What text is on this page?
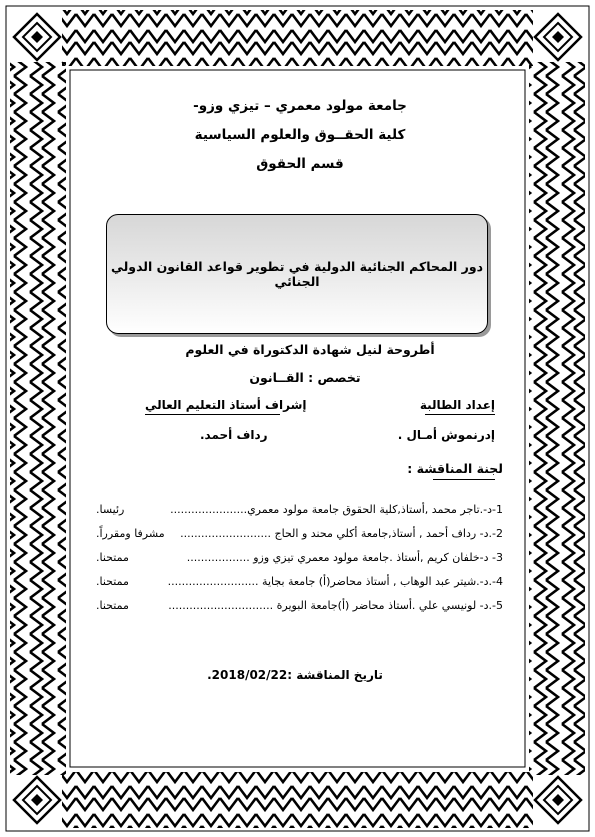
جامعة مولود معمري – تيزي وزو-
كلية الحقــوق والعلوم السياسية
قسم الحقوق
دور المحاكم الجنائية الدولية في تطوير قواعد القانون الدولي الجنائي
أطروحة لنيل شهادة الدكتوراة في العلوم
تخصص : القــانون
إعداد الطالبة
إشراف أستاذ التعليم العالي
إدرنموش أمـال .
رداف أحمد.
لجنة المناقشة :
1-د-.تاجر محمد ,أستاذ,كلية الحقوق جامعة مولود معمري......................
رئيسا.
2-.د- رداف أحمد , أستاذ,جامعة أكلي محند و الحاج ..........................
مشرفا ومقرراً.
3- د-خلفان كريم ,أستاذ .جامعة مولود معمري تيزي وزو ..................
ممتحنا.
4-.د-.شيتر عبد الوهاب , أستاذ محاضر(أ) جامعة بجاية ..........................
ممتحنا.
5-.د- لونيسي علي .أستاذ محاضر (أ)جامعة البويرة ..............................
ممتحنا.
تاريخ المناقشة :2018/02/22.
